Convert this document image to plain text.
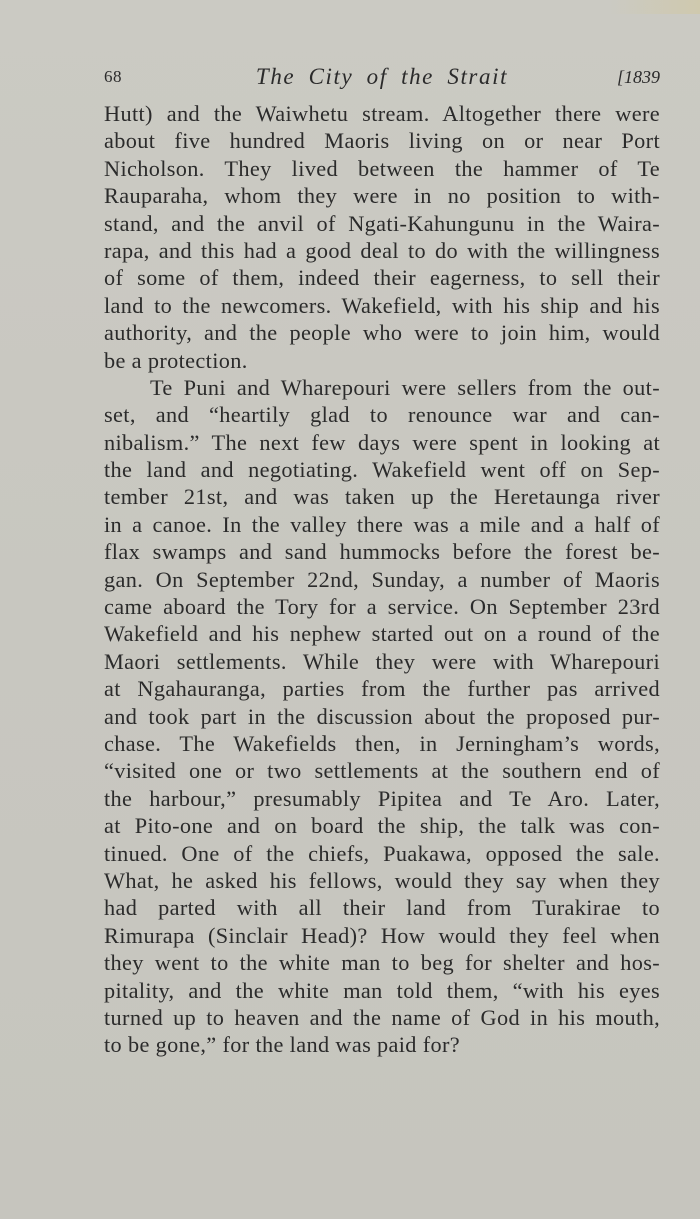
68	The City of the Strait	[1839
Hutt) and the Waiwhetu stream. Altogether there were
about five hundred Maoris living on or near Port
Nicholson. They lived between the hammer of Te
Rauparaha, whom they were in no position to with-
stand, and the anvil of Ngati-Kahungunu in the Waira-
rapa, and this had a good deal to do with the willingness
of some of them, indeed their eagerness, to sell their
land to the newcomers. Wakefield, with his ship and his
authority, and the people who were to join him, would
be a protection.
Te Puni and Wharepouri were sellers from the out-
set, and “heartily glad to renounce war and can-
nibalism.” The next few days were spent in looking at
the land and negotiating. Wakefield went off on Sep-
tember 21st, and was taken up the Heretaunga river
in a canoe. In the valley there was a mile and a half of
flax swamps and sand hummocks before the forest be-
gan. On September 22nd, Sunday, a number of Maoris
came aboard the Tory for a service. On September 23rd
Wakefield and his nephew started out on a round of the
Maori settlements. While they were with Wharepouri
at Ngahauranga, parties from the further pas arrived
and took part in the discussion about the proposed pur-
chase. The Wakefields then, in Jerningham’s words,
“visited one or two settlements at the southern end of
the harbour,” presumably Pipitea and Te Aro. Later,
at Pito-one and on board the ship, the talk was con-
tinued. One of the chiefs, Puakawa, opposed the sale.
What, he asked his fellows, would they say when they
had parted with all their land from Turakirae to
Rimurapa (Sinclair Head)? How would they feel when
they went to the white man to beg for shelter and hos-
pitality, and the white man told them, “with his eyes
turned up to heaven and the name of God in his mouth,
to be gone,” for the land was paid for?
